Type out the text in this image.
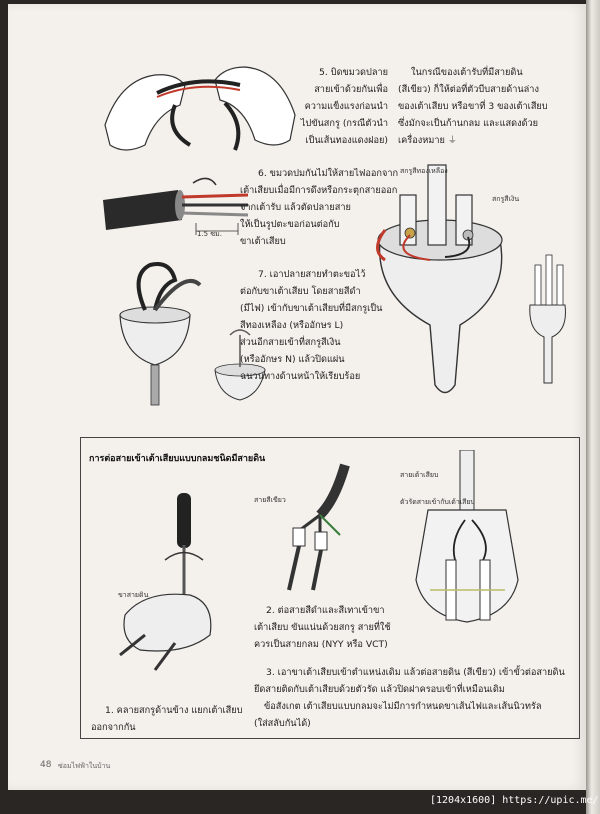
5. บิดขมวดปลาย
สายเข้าด้วยกันเพื่อ
ความแข็งแรงก่อนนำ
ไปขันสกรู (กรณีตัวนำ
เป็นเส้นทองแดงฝอย)
ในกรณีของเต้ารับที่มีสายดิน
(สีเขียว) ก็ให้ต่อที่ตัวบีบสายด้านล่าง
ของเต้าเสียบ หรือขาที่ 3 ของเต้าเสียบ
ซึ่งมักจะเป็นก้านกลม และแสดงด้วย
เครื่องหมาย ⏚
1.5 ซม.
6. ขมวดปมกันไม่ให้สายไฟออกจาก
เต้าเสียบเมื่อมีการดึงหรือกระตุกสายออก
จากเต้ารับ แล้วตัดปลายสาย
ให้เป็นรูปตะขอก่อนต่อกับ
ขาเต้าเสียบ
7. เอาปลายสายทำตะขอไว้
ต่อกับขาเต้าเสียบ โดยสายสีดำ
(มีไฟ) เข้ากับขาเต้าเสียบที่มีสกรูเป็น
สีทองเหลือง (หรืออักษร L)
ส่วนอีกสายเข้าที่สกรูสีเงิน
(หรืออักษร N) แล้วปิดแผ่น
ฉนวนทางด้านหน้าให้เรียบร้อย
สกรูสีทองเหลือง
สกรูสีเงิน
การต่อสายเข้าเต้าเสียบแบบกลมชนิดมีสายดิน
ขาสายดิน
สายสีเขียว
สายเต้าเสียบ
ตัวรัดสายเข้ากับเต้าเสียบ
2. ต่อสายสีดำและสีเทาเข้าขา
เต้าเสียบ ขันแน่นด้วยสกรู สายที่ใช้
ควรเป็นสายกลม (NYY หรือ VCT)
3. เอาขาเต้าเสียบเข้าตำแหน่งเดิม แล้วต่อสายดิน (สีเขียว) เข้าขั้วต่อสายดิน
ยึดสายติดกับเต้าเสียบด้วยตัวรัด แล้วปิดฝาครอบเข้าที่เหมือนเดิม
ข้อสังเกต เต้าเสียบแบบกลมจะไม่มีการกำหนดขาเส้นไฟและเส้นนิวทรัล
(ใส่สลับกันได้)
1. คลายสกรูด้านข้าง แยกเต้าเสียบ
ออกจากกัน
48 ซ่อมไฟฟ้าในบ้าน
[1204x1600] https://upic.me/
